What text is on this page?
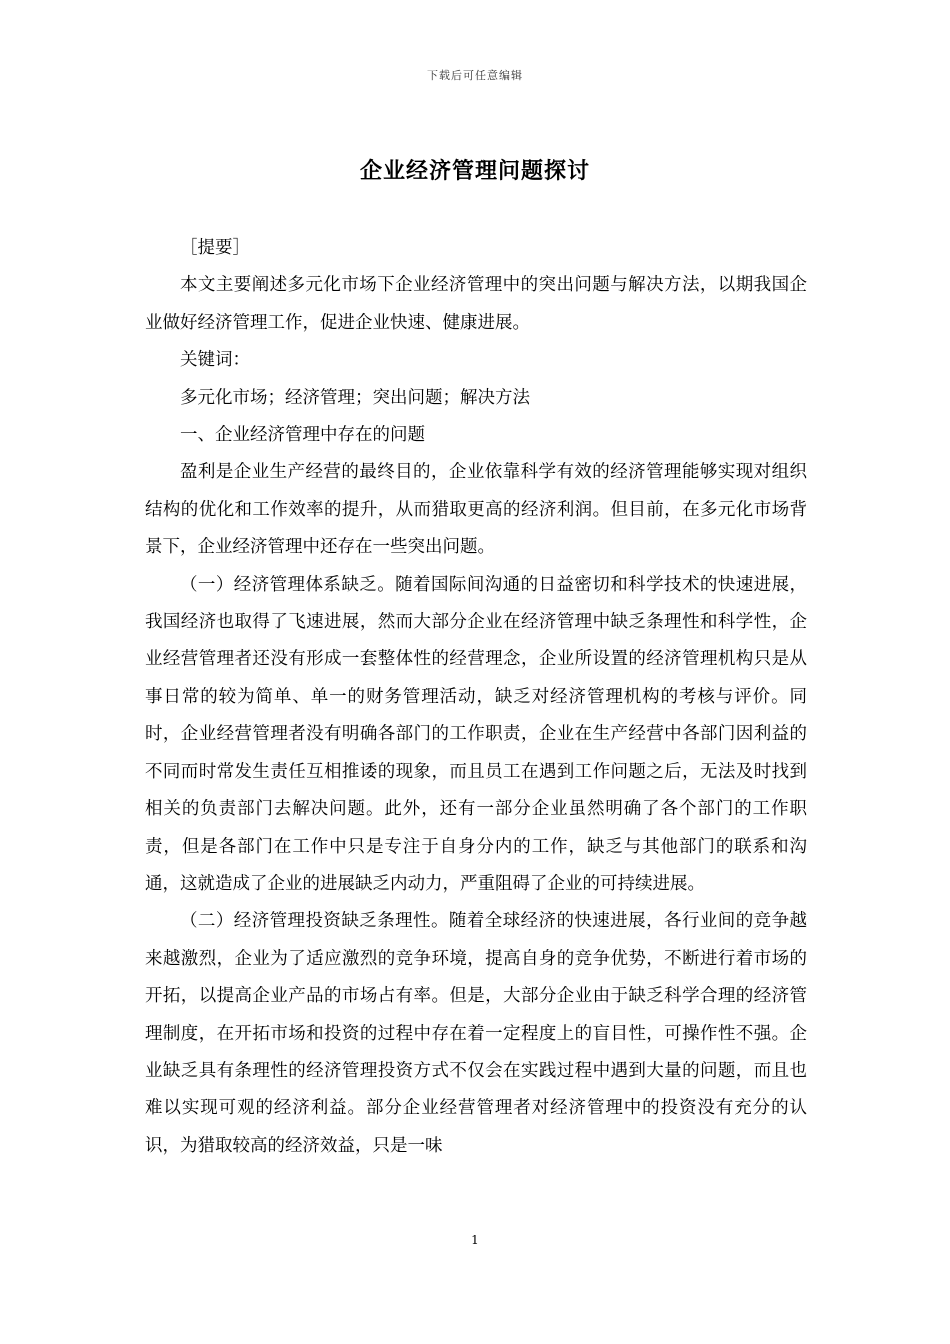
下载后可任意编辑
企业经济管理问题探讨

［提要］

本文主要阐述多元化市场下企业经济管理中的突出问题与解决方法，以期我国企业做好经济管理工作，促进企业快速、健康进展。

关键词：

多元化市场；经济管理；突出问题；解决方法

一、企业经济管理中存在的问题

盈利是企业生产经营的最终目的，企业依靠科学有效的经济管理能够实现对组织结构的优化和工作效率的提升，从而猎取更高的经济利润。但目前，在多元化市场背景下，企业经济管理中还存在一些突出问题。

（一）经济管理体系缺乏。随着国际间沟通的日益密切和科学技术的快速进展，我国经济也取得了飞速进展，然而大部分企业在经济管理中缺乏条理性和科学性，企业经营管理者还没有形成一套整体性的经营理念，企业所设置的经济管理机构只是从事日常的较为简单、单一的财务管理活动，缺乏对经济管理机构的考核与评价。同时，企业经营管理者没有明确各部门的工作职责，企业在生产经营中各部门因利益的不同而时常发生责任互相推诿的现象，而且员工在遇到工作问题之后，无法及时找到相关的负责部门去解决问题。此外，还有一部分企业虽然明确了各个部门的工作职责，但是各部门在工作中只是专注于自身分内的工作，缺乏与其他部门的联系和沟通，这就造成了企业的进展缺乏内动力，严重阻碍了企业的可持续进展。

（二）经济管理投资缺乏条理性。随着全球经济的快速进展，各行业间的竞争越来越激烈，企业为了适应激烈的竞争环境，提高自身的竞争优势，不断进行着市场的开拓，以提高企业产品的市场占有率。但是，大部分企业由于缺乏科学合理的经济管理制度，在开拓市场和投资的过程中存在着一定程度上的盲目性，可操作性不强。企业缺乏具有条理性的经济管理投资方式不仅会在实践过程中遇到大量的问题，而且也难以实现可观的经济利益。部分企业经营管理者对经济管理中的投资没有充分的认识，为猎取较高的经济效益，只是一味

1
